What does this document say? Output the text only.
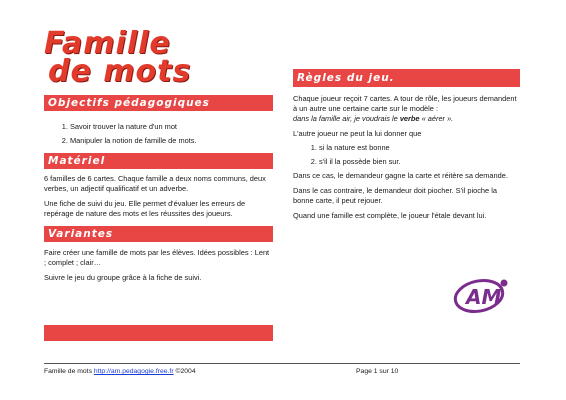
Famille
de mots
Objectifs pédagogiques
1. Savoir trouver la nature d'un mot
2. Manipuler la notion de famille de mots.
Matériel

6 familles de 6 cartes. Chaque famille a deux noms communs, deux verbes, un adjectif qualificatif et un adverbe.

Une fiche de suivi du jeu. Elle permet d'évaluer les erreurs de repérage de nature des mots et les réussites des joueurs.

Variantes

Faire créer une famille de mots par les élèves. Idées possibles : Lent ; complet ; clair…

Suivre le jeu du groupe grâce à la fiche de suivi.

Règles du jeu.

Chaque joueur reçoit 7 cartes. A tour de rôle, les joueurs demandent à un autre une certaine carte sur le modèle :

dans la famille air, je voudrais le verbe « aérer ».

L'autre joueur ne peut la lui donner que

1. si la nature est bonne
2. s'il il la possède bien sur.

Dans ce cas, le demandeur gagne la carte et réitère sa demande.

Dans le cas contraire, le demandeur doit piocher. S'il pioche la bonne carte, il peut rejouer.

Quand une famille est complète, le joueur l'étale devant lui.

AM
Famille de mots http://am.pedagogie.free.fr ©2004	Page 1 sur 10
